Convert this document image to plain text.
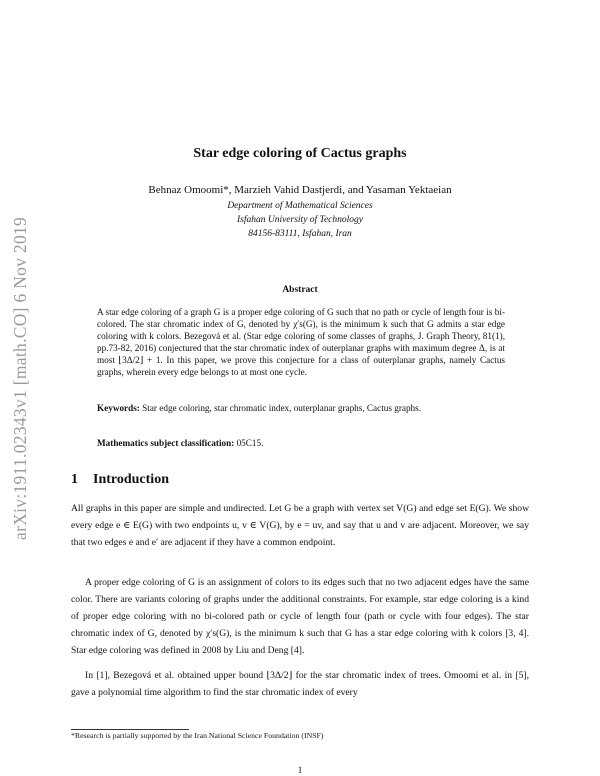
arXiv:1911.02343v1 [math.CO] 6 Nov 2019
Star edge coloring of Cactus graphs
Behnaz Omoomi*, Marzieh Vahid Dastjerdi, and Yasaman Yektaeian
Department of Mathematical Sciences
Isfahan University of Technology
84156-83111, Isfahan, Iran
Abstract
A star edge coloring of a graph G is a proper edge coloring of G such that no path or cycle of length four is bi-colored. The star chromatic index of G, denoted by χ′s(G), is the minimum k such that G admits a star edge coloring with k colors. Bezegová et al. (Star edge coloring of some classes of graphs, J. Graph Theory, 81(1), pp.73-82, 2016) conjectured that the star chromatic index of outerplanar graphs with maximum degree Δ, is at most ⌊3Δ/2⌋ + 1. In this paper, we prove this conjecture for a class of outerplanar graphs, namely Cactus graphs, wherein every edge belongs to at most one cycle.
Keywords: Star edge coloring, star chromatic index, outerplanar graphs, Cactus graphs.
Mathematics subject classification: 05C15.
1 Introduction
All graphs in this paper are simple and undirected. Let G be a graph with vertex set V(G) and edge set E(G). We show every edge e ∈ E(G) with two endpoints u, v ∈ V(G), by e = uv, and say that u and v are adjacent. Moreover, we say that two edges e and e′ are adjacent if they have a common endpoint.
A proper edge coloring of G is an assignment of colors to its edges such that no two adjacent edges have the same color. There are variants coloring of graphs under the additional constraints. For example, star edge coloring is a kind of proper edge coloring with no bi-colored path or cycle of length four (path or cycle with four edges). The star chromatic index of G, denoted by χ′s(G), is the minimum k such that G has a star edge coloring with k colors [3, 4]. Star edge coloring was defined in 2008 by Liu and Deng [4].
In [1], Bezegová et al. obtained upper bound ⌊3Δ/2⌋ for the star chromatic index of trees. Omoomi et al. in [5], gave a polynomial time algorithm to find the star chromatic index of every
*Research is partially supported by the Iran National Science Foundation (INSF)
1
